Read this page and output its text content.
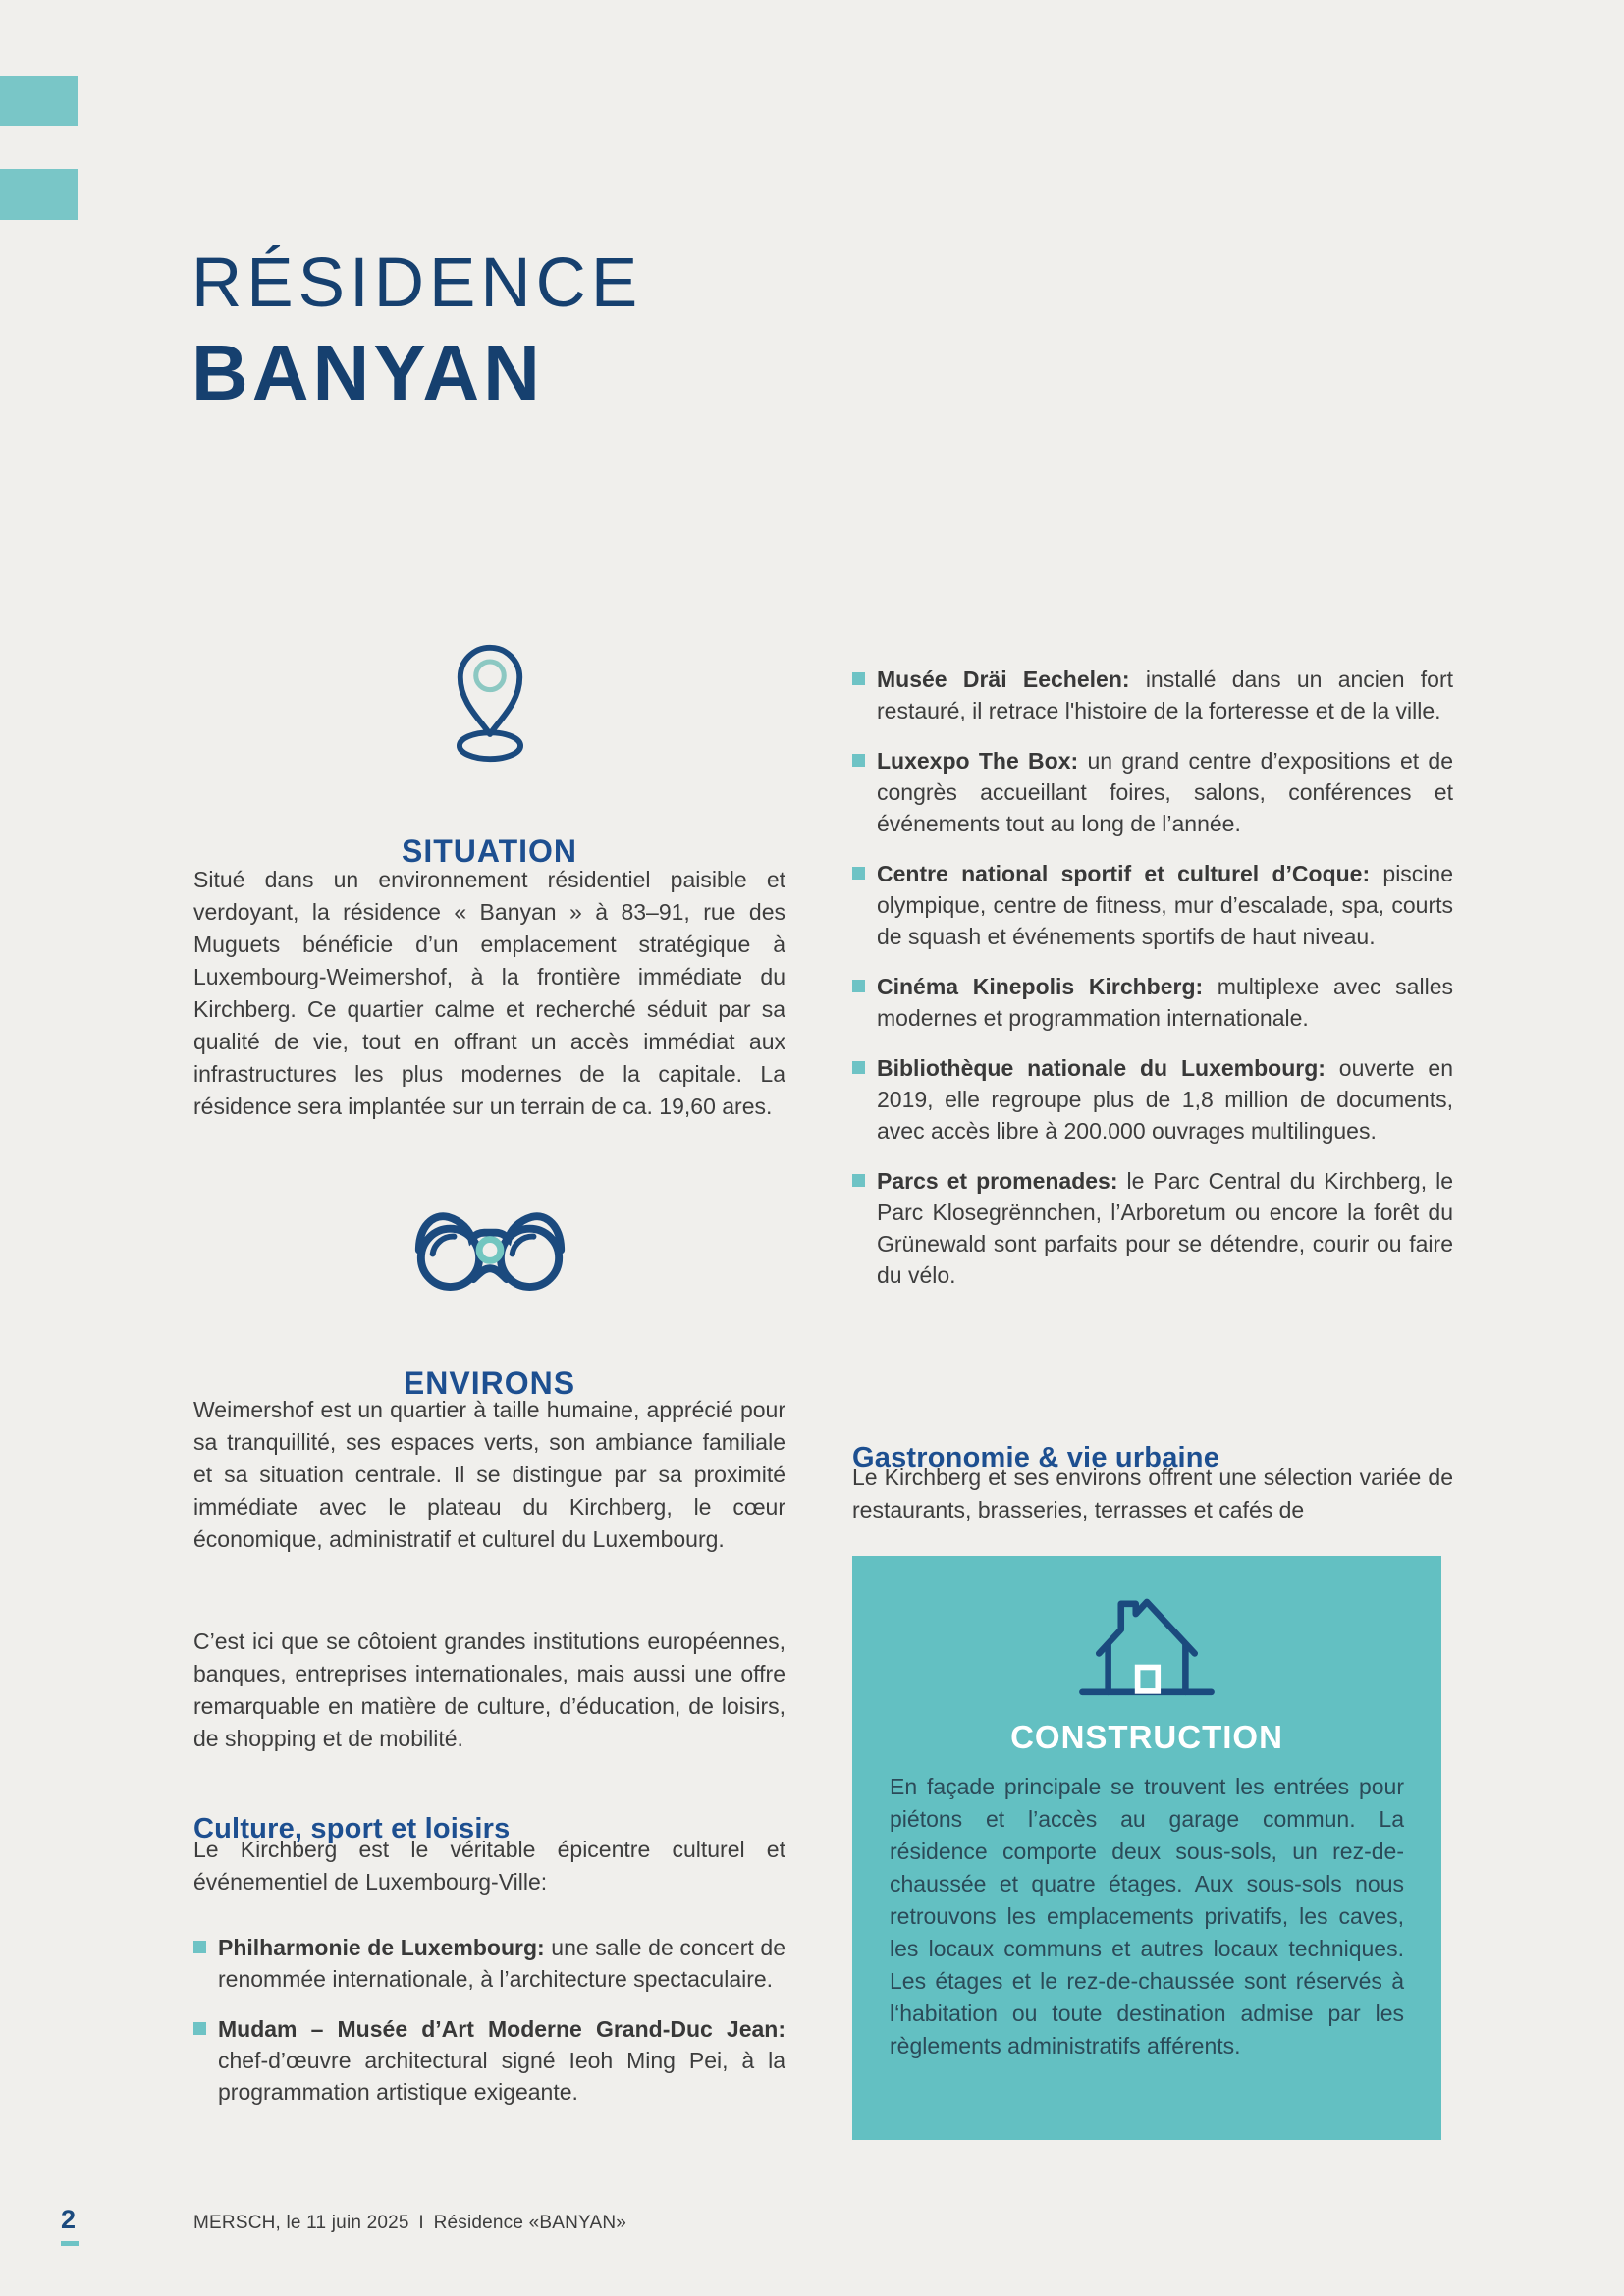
RÉSIDENCE
BANYAN
SITUATION

Situé dans un environnement résidentiel paisible et verdoyant, la résidence « Banyan » à 83–91, rue des Muguets bénéficie d’un emplacement stratégique à Luxembourg-Weimershof, à la frontière immédiate du Kirchberg. Ce quartier calme et recherché séduit par sa qualité de vie, tout en offrant un accès immédiat aux infrastructures les plus modernes de la capitale. La résidence sera implantée sur un terrain de ca. 19,60 ares.

ENVIRONS

Weimershof est un quartier à taille humaine, apprécié pour sa tranquillité, ses espaces verts, son ambiance familiale et sa situation centrale. Il se distingue par sa proximité immédiate avec le plateau du Kirchberg, le cœur économique, administratif et culturel du Luxembourg.

C’est ici que se côtoient grandes institutions européennes, banques, entreprises internationales, mais aussi une offre remarquable en matière de culture, d’éducation, de loisirs, de shopping et de mobilité.

Culture, sport et loisirs

Le Kirchberg est le véritable épicentre culturel et événementiel de Luxembourg-Ville:

Philharmonie de Luxembourg: une salle de concert de renommée internationale, à l’architecture spectaculaire.
Mudam – Musée d’Art Moderne Grand-Duc Jean: chef-d’œuvre architectural signé Ieoh Ming Pei, à la programmation artistique exigeante.
Musée Dräi Eechelen: installé dans un ancien fort restauré, il retrace l'histoire de la forteresse et de la ville.
Luxexpo The Box: un grand centre d’expositions et de congrès accueillant foires, salons, conférences et événements tout au long de l’année.
Centre national sportif et culturel d’Coque: piscine olympique, centre de fitness, mur d’escalade, spa, courts de squash et événements sportifs de haut niveau.
Cinéma Kinepolis Kirchberg: multiplexe avec salles modernes et programmation internationale.
Bibliothèque nationale du Luxembourg: ouverte en 2019, elle regroupe plus de 1,8 million de documents, avec accès libre à 200.000 ouvrages multilingues.
Parcs et promenades: le Parc Central du Kirchberg, le Parc Klosegrënnchen, l’Arboretum ou encore la forêt du Grünewald sont parfaits pour se détendre, courir ou faire du vélo.
Gastronomie & vie urbaine

Le Kirchberg et ses environs offrent une sélection variée de restaurants, brasseries, terrasses et cafés de

CONSTRUCTION

En façade principale se trouvent les entrées pour piétons et l’accès au garage commun. La résidence comporte deux sous-sols, un rez-de-chaussée et quatre étages. Aux sous-sols nous retrouvons les emplacements privatifs, les caves, les locaux communs et autres locaux techniques. Les étages et le rez-de-chaussée sont réservés à l‘habitation ou toute destination admise par les règlements administratifs afférents.

2	MERSCH, le 11 juin 2025 I Résidence «BANYAN»
